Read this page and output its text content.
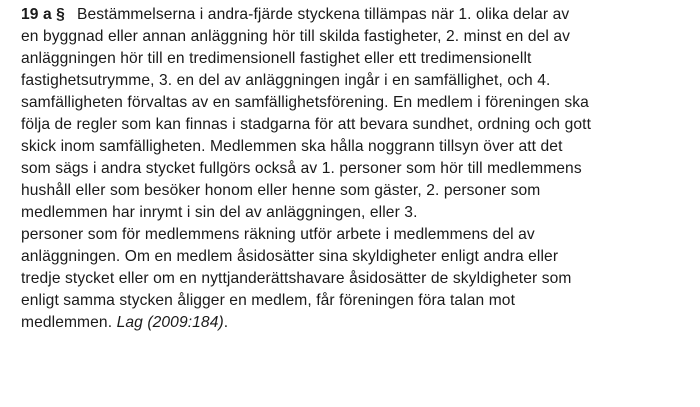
19 a § Bestämmelserna i andra-fjärde styckena tillämpas när 1. olika delar av
en byggnad eller annan anläggning hör till skilda fastigheter, 2. minst en del av
anläggningen hör till en tredimensionell fastighet eller ett tredimensionellt
fastighetsutrymme, 3. en del av anläggningen ingår i en samfällighet, och 4.
samfälligheten förvaltas av en samfällighetsförening. En medlem i föreningen ska
följa de regler som kan finnas i stadgarna för att bevara sundhet, ordning och gott
skick inom samfälligheten. Medlemmen ska hålla noggrann tillsyn över att det
som sägs i andra stycket fullgörs också av 1. personer som hör till medlemmens
hushåll eller som besöker honom eller henne som gäster, 2. personer som
medlemmen har inrymt i sin del av anläggningen, eller 3.
personer som för medlemmens räkning utför arbete i medlemmens del av
anläggningen. Om en medlem åsidosätter sina skyldigheter enligt andra eller
tredje stycket eller om en nyttjanderättshavare åsidosätter de skyldigheter som
enligt samma stycken åligger en medlem, får föreningen föra talan mot
medlemmen. Lag (2009:184).
